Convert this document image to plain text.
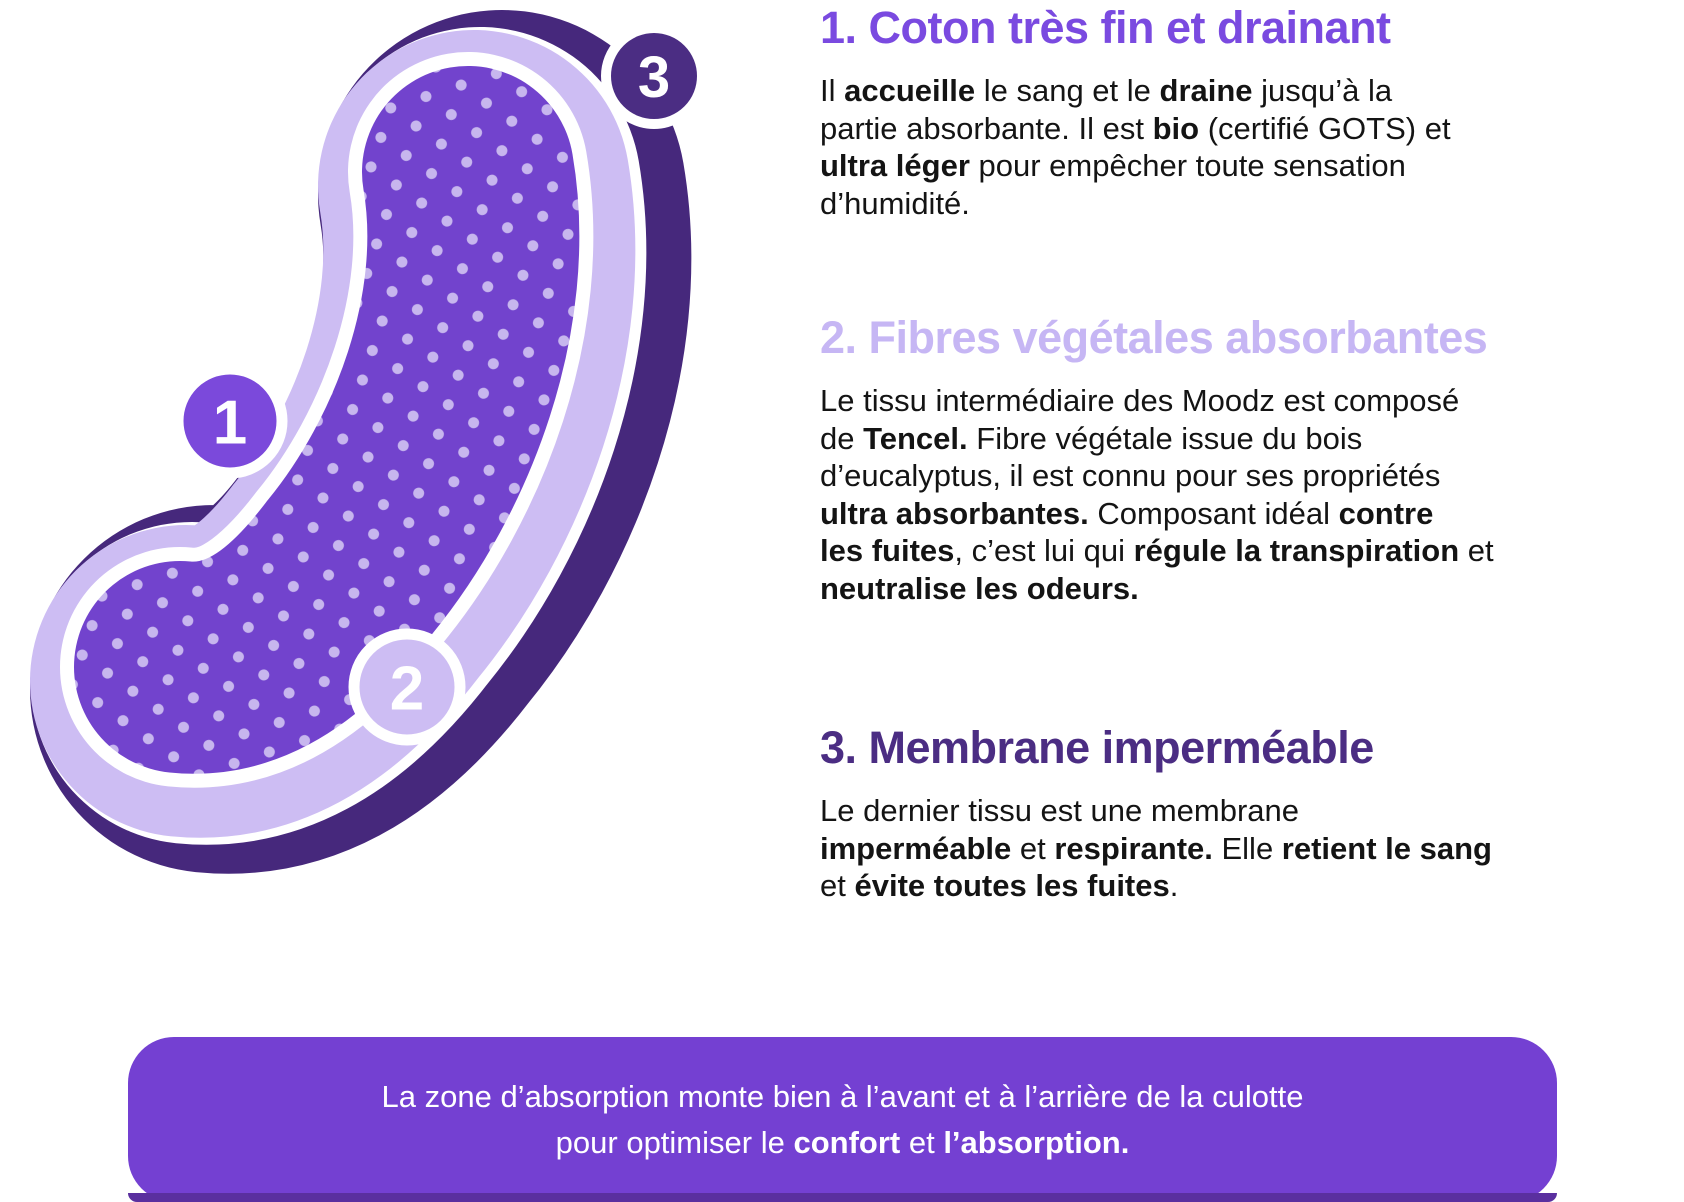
1
2
3
1. Coton très fin et drainant

Il accueille le sang et le draine jusqu’à la
partie absorbante. Il est bio (certifié GOTS) et
ultra léger pour empêcher toute sensation
d’humidité.

2. Fibres végétales absorbantes

Le tissu intermédiaire des Moodz est composé
de Tencel. Fibre végétale issue du bois
d’eucalyptus, il est connu pour ses propriétés
ultra absorbantes. Composant idéal contre
les fuites, c’est lui qui régule la transpiration et
neutralise les odeurs.

3. Membrane imperméable

Le dernier tissu est une membrane
imperméable et respirante. Elle retient le sang
et évite toutes les fuites.

La zone d’absorption monte bien à l’avant et à l’arrière de la culotte
pour optimiser le confort et l’absorption.
